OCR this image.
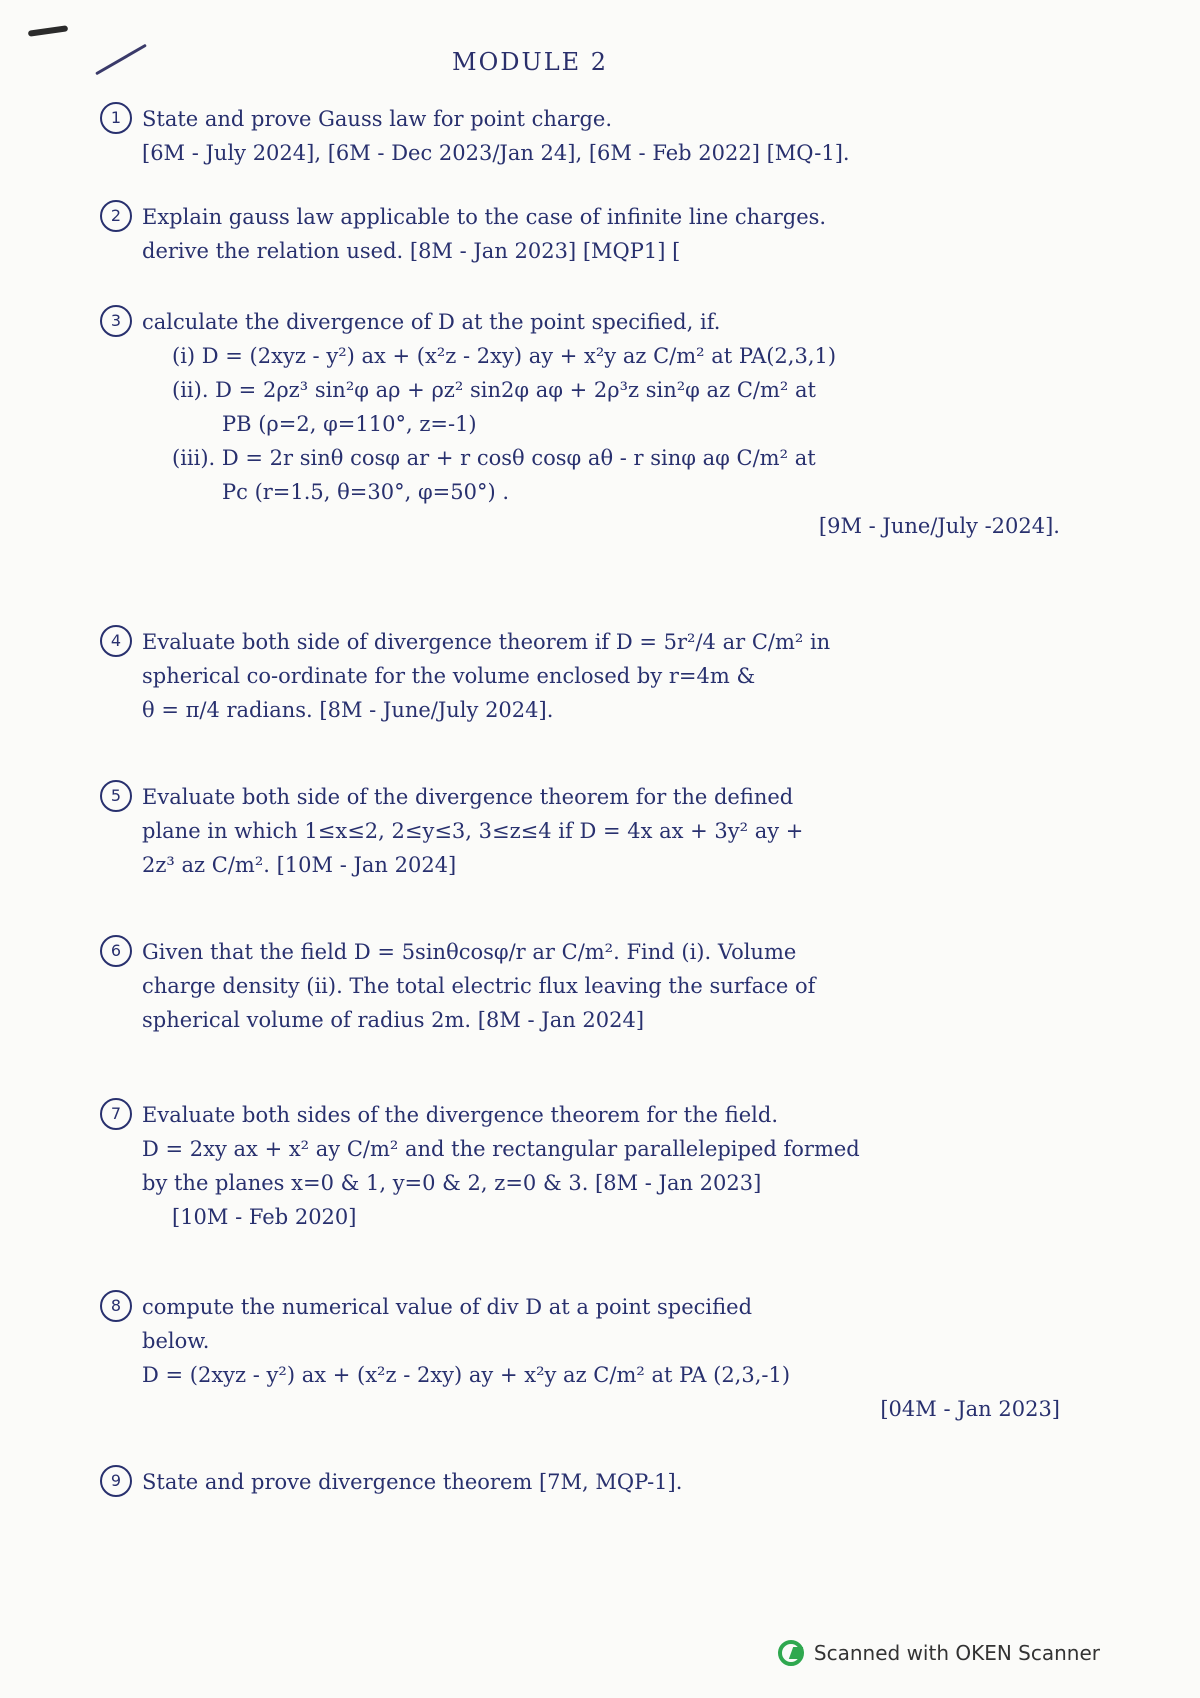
MODULE 2
1 State and prove Gauss law for point charge.
[6M - July 2024], [6M - Dec 2023/Jan 24], [6M - Feb 2022] [MQ-1].
2 Explain gauss law applicable to the case of infinite line charges.
derive the relation used. [8M - Jan 2023] [MQP1] [
3 calculate the divergence of D at the point specified, if.
(i) D = (2xyz - y²) ax + (x²z - 2xy) ay + x²y az C/m² at PA(2,3,1)
(ii). D = 2ρz³ sin²φ aρ + ρz² sin2φ aφ + 2ρ³z sin²φ az C/m² at
PB (ρ=2, φ=110°, z=-1)
(iii). D = 2r sinθ cosφ ar + r cosθ cosφ aθ - r sinφ aφ C/m² at
Pc (r=1.5, θ=30°, φ=50°) .
[9M - June/July -2024].
4 Evaluate both side of divergence theorem if D = 5r²/4 ar C/m² in
spherical co-ordinate for the volume enclosed by r=4m &
θ = π/4 radians. [8M - June/July 2024].
5 Evaluate both side of the divergence theorem for the defined
plane in which 1≤x≤2, 2≤y≤3, 3≤z≤4 if D = 4x ax + 3y² ay +
2z³ az C/m². [10M - Jan 2024]
6 Given that the field D = 5sinθcosφ/r ar C/m². Find (i). Volume
charge density (ii). The total electric flux leaving the surface of
spherical volume of radius 2m. [8M - Jan 2024]
7 Evaluate both sides of the divergence theorem for the field.
D = 2xy ax + x² ay C/m² and the rectangular parallelepiped formed
by the planes x=0 & 1, y=0 & 2, z=0 & 3. [8M - Jan 2023]
[10M - Feb 2020]
8 compute the numerical value of div D at a point specified
below.
D = (2xyz - y²) ax + (x²z - 2xy) ay + x²y az C/m² at PA (2,3,-1)
[04M - Jan 2023]
9 State and prove divergence theorem [7M, MQP-1].
Scanned with OKEN Scanner
